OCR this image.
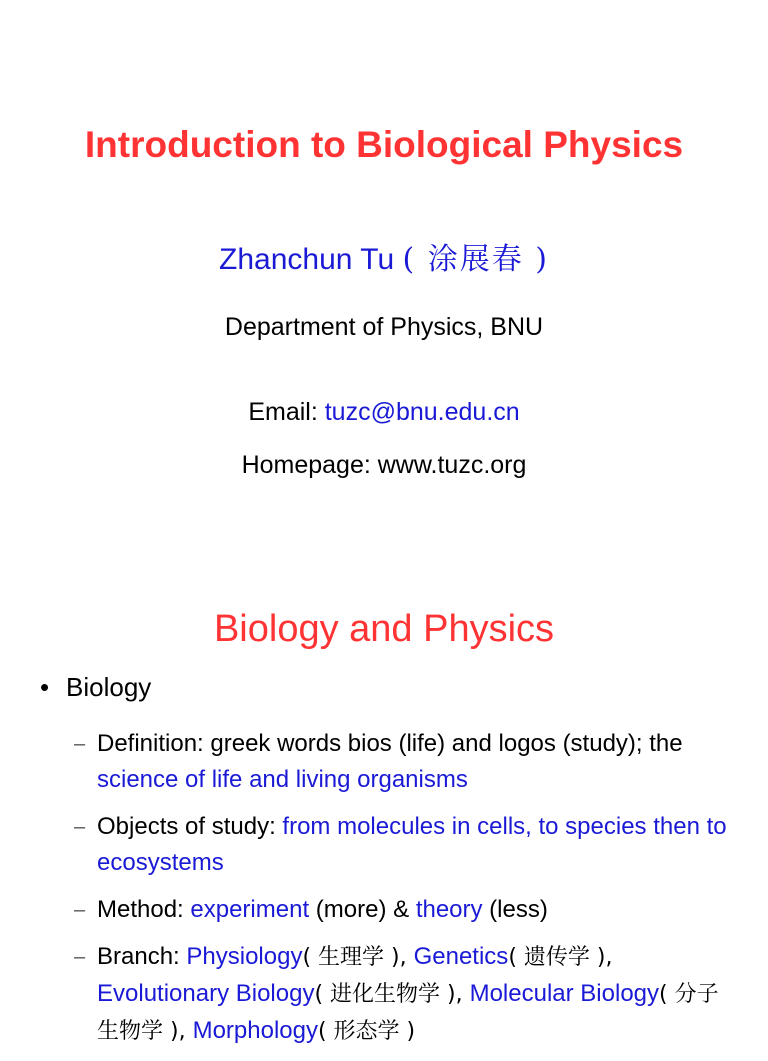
Introduction to Biological Physics
Zhanchun Tu ( 涂展春 )
Department of Physics, BNU
Email: tuzc@bnu.edu.cn
Homepage: www.tuzc.org
Biology and Physics
• Biology
– Definition: greek words bios (life) and logos (study); the science of life and living organisms
– Objects of study: from molecules in cells, to species then to ecosystems
– Method: experiment (more) & theory (less)
– Branch: Physiology( 生理学 ), Genetics( 遗传学 ), Evolutionary Biology( 进化生物学 ), Molecular Biology( 分子生物学 ), Morphology( 形态学 )
